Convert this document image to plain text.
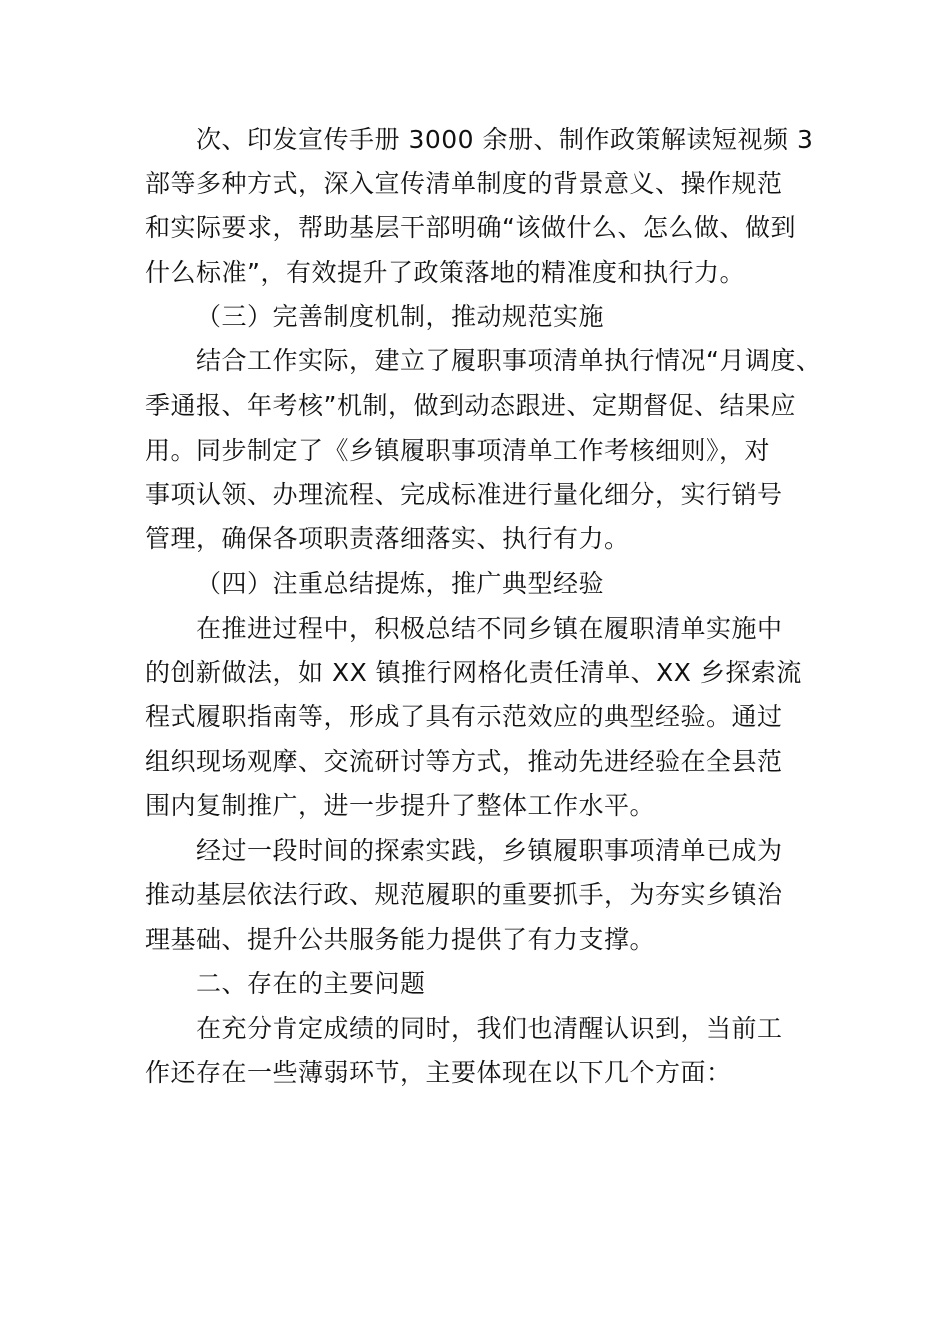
次、印发宣传手册 3000 余册、制作政策解读短视频 3
部等多种方式，深入宣传清单制度的背景意义、操作规范
和实际要求，帮助基层干部明确“该做什么、怎么做、做到
什么标准”，有效提升了政策落地的精准度和执行力。
（三）完善制度机制，推动规范实施
结合工作实际，建立了履职事项清单执行情况“月调度、
季通报、年考核”机制，做到动态跟进、定期督促、结果应
用。同步制定了《乡镇履职事项清单工作考核细则》，对
事项认领、办理流程、完成标准进行量化细分，实行销号
管理，确保各项职责落细落实、执行有力。
（四）注重总结提炼，推广典型经验
在推进过程中，积极总结不同乡镇在履职清单实施中
的创新做法，如 XX 镇推行网格化责任清单、XX 乡探索流
程式履职指南等，形成了具有示范效应的典型经验。通过
组织现场观摩、交流研讨等方式，推动先进经验在全县范
围内复制推广，进一步提升了整体工作水平。
经过一段时间的探索实践，乡镇履职事项清单已成为
推动基层依法行政、规范履职的重要抓手，为夯实乡镇治
理基础、提升公共服务能力提供了有力支撑。
二、存在的主要问题
在充分肯定成绩的同时，我们也清醒认识到，当前工
作还存在一些薄弱环节，主要体现在以下几个方面：
